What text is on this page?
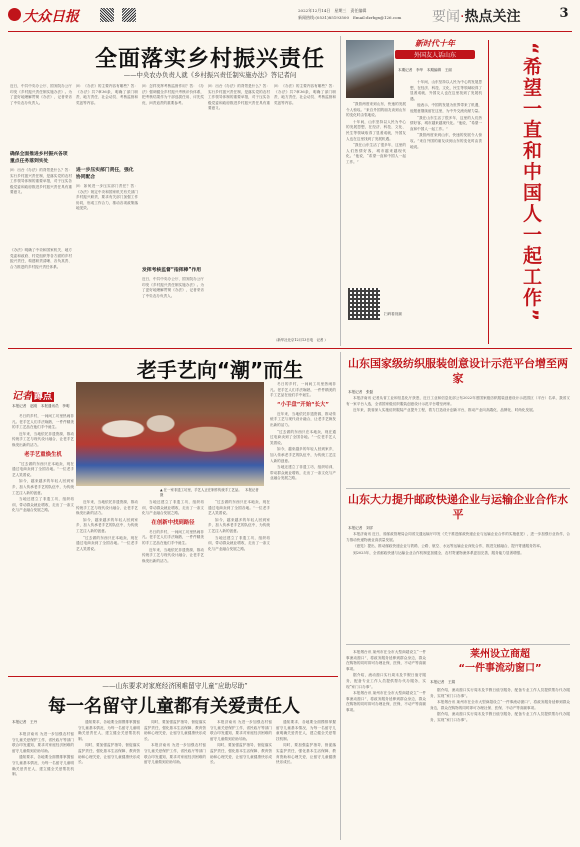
大众日报	2022年12月14日　星期三　责任编辑
新闻热线:(0531)85193500　Email:dzrbgx@126.com 要闻·热点关注	3
全面落实乡村振兴责任
——中央农办负责人就《乡村振兴责任制实施办法》答记者问
近日，中共中央办公厅、国务院办公厅印发《乡村振兴责任制实施办法》。为了更好地理解贯彻《办法》，记者采访了中央农办负责人。
确保全面推进乡村振兴各项重点任务落到实处
问：出台《办法》的背景是什么？答：实行乡村振兴责任制，是落实党的农村工作领导体制的重要举措，对于压实各级党委和政府推进乡村振兴责任具有重要意义。
《办法》明确了中央和国家机关、地方党委和政府、村党组织等各方面的乡村振兴责任，构建职责清晰、各负其责、合力推进的乡村振兴责任体系。
问：《办法》的主要内容有哪些？答：《办法》共7章36条，明确了部门职责、地方责任、社会动员、考核监督和奖惩等内容。
进一步压实部门责任，强化协同配合
问：如何进一步压实部门责任？答：《办法》规定中央和国家机关有关部门乡村振兴职责，要求有关部门加强工作协同，形成工作合力，推动各项政策落地见效。
问：怎样发挥考核监督作用？答：《办法》强调健全乡村振兴考核评价体系，把考核结果作为干部选拔任用、评先奖优、问责追责的重要参考。
发挥考核监督“指挥棒”作用
近日，中共中央办公厅、国务院办公厅印发《乡村振兴责任制实施办法》。为了更好地理解贯彻《办法》，记者采访了中央农办负责人。
问：出台《办法》的背景是什么？答：实行乡村振兴责任制，是落实党的农村工作领导体制的重要举措，对于压实各级党委和政府推进乡村振兴责任具有重要意义。
问：《办法》的主要内容有哪些？答：《办法》共7章36条，明确了部门职责、地方责任、社会动员、考核监督和奖惩等内容。
（新华社北京12月13日电　记者 ）
新时代十年
外国友人话山东
本期记者　李华　本期编辑　王丽

“我曾两度来到山东，快速的发展令人惊叹。”来自外国的朋友谈到山东的变化时由衷地说。

十年间，山东坚持以人民为中心的发展思想，在经济、科技、文化、民生等领域取得了显著成就，外国友人也在这里找到了发展机遇。

“我在山东生活了很多年，这里的人们热情好客，城市越来越现代化。”他说，“希望一直和中国人一起工作。”

十年间，山东坚持以人民为中心的发展思想，在经济、科技、文化、民生等领域取得了显著成就，外国友人也在这里找到了发展机遇。

他表示，中国的发展为世界带来了机遇，他愿意继续留在这里，为中外交流贡献力量。

“我在山东生活了很多年，这里的人们热情好客，城市越来越现代化。”他说，“希望一直和中国人一起工作。”

“我曾两度来到山东，快速的发展令人惊叹。”来自外国的朋友谈到山东的变化时由衷地说。

扫码看视频	“希望一直和中国人一起工作”
老手艺向“潮”而生
记者 蹲点
本报记者　赵刚　本报通讯员　李明
▲ 在一家非遗工坊里，手艺人正在制作传统手工艺品。　本报记者　摄

冬日的乡村，一间间工坊里热闹非凡。老手艺人们手法娴熟，一件件精美的手工艺品在他们手中诞生。

近年来，当地依托非遗资源，推动传统手工艺与现代设计融合，让老手艺焕发出新的活力。

老手艺重焕生机

“过去做的东西只在本地卖，现在通过电商卖到了全国各地。”一位老手艺人笑着说。

如今，越来越多的年轻人回到家乡，加入传承老手艺的队伍中，为传统工艺注入新的创意。

当地还建立了非遗工坊，组织培训，带动群众就业增收，走出了一条文化与产业融合发展之路。

近年来，当地依托非遗资源，推动传统手工艺与现代设计融合，让老手艺焕发出新的活力。

如今，越来越多的年轻人回到家乡，加入传承老手艺的队伍中，为传统工艺注入新的创意。

“过去做的东西只在本地卖，现在通过电商卖到了全国各地。”一位老手艺人笑着说。

当地还建立了非遗工坊，组织培训，带动群众就业增收，走出了一条文化与产业融合发展之路。

在创新中找到路径

冬日的乡村，一间间工坊里热闹非凡。老手艺人们手法娴熟，一件件精美的手工艺品在他们手中诞生。

近年来，当地依托非遗资源，推动传统手工艺与现代设计融合，让老手艺焕发出新的活力。

“过去做的东西只在本地卖，现在通过电商卖到了全国各地。”一位老手艺人笑着说。

如今，越来越多的年轻人回到家乡，加入传承老手艺的队伍中，为传统工艺注入新的创意。

当地还建立了非遗工坊，组织培训，带动群众就业增收，走出了一条文化与产业融合发展之路。

冬日的乡村，一间间工坊里热闹非凡。老手艺人们手法娴熟，一件件精美的手工艺品在他们手中诞生。

“小手盘”开始“长大”

近年来，当地依托非遗资源，推动传统手工艺与现代设计融合，让老手艺焕发出新的活力。

“过去做的东西只在本地卖，现在通过电商卖到了全国各地。”一位老手艺人笑着说。

如今，越来越多的年轻人回到家乡，加入传承老手艺的队伍中，为传统工艺注入新的创意。

当地还建立了非遗工坊，组织培训，带动群众就业增收，走出了一条文化与产业融合发展之路。

山东国家级纺织服装创意设计示范平台增至两家
本报记者　张磊

本报济南讯 记者从省工业和信息化厅获悉，近日工业和信息化部公布2022年度国家级纺织服装创意设计示范园区（平台）名单，我省又有一家平台入选，全省国家级纺织服装创意设计示范平台增至两家。

近年来，我省深入实施纺织服装产业提升工程，着力打造设计创新平台，推动产业向高端化、品牌化、时尚化发展。

山东大力提升邮政快递企业与运输企业合作水平
本报记者　刘洋

本报济南讯 近日，省邮政管理局会同省交通运输厅印发《关于推进邮政快递企业与运输企业合作的实施意见》，进一步加强行业协作，合力推动快递物流业高质量发展。

《意见》提出，推动邮政快递企业与铁路、公路、航空、水运等运输企业深化合作，推进交邮融合，提升寄递服务效率。

到2025年，全省邮政快递与运输企业合作机制更加健全，农村寄递物流体系更加完善，服务能力显著增强。

莱州设立商超
“一件事流动窗口”
本报记者　王娟

本报烟台讯 莱州市在全市大型商超设立“一件事流动窗口”，将政务服务延伸到群众身边，群众在购物的同时即可办理社保、医保、不动产等高频事项。

据介绍，流动窗口实行周末及节假日值守服务，配备专业工作人员提供帮办代办服务，实现“家门口办事”。

本报烟台讯 莱州市在全市大型商超设立“一件事流动窗口”，将政务服务延伸到群众身边，群众在购物的同时即可办理社保、医保、不动产等高频事项。

据介绍，流动窗口实行周末及节假日值守服务，配备专业工作人员提供帮办代办服务，实现“家门口办事”。

本报烟台讯 莱州市在全市大型商超设立“一件事流动窗口”，将政务服务延伸到群众身边，群众在购物的同时即可办理社保、医保、不动产等高频事项。

据介绍，流动窗口实行周末及节假日值守服务，配备专业工作人员提供帮办代办服务，实现“家门口办事”。

——山东要求对家庭经济困难留守儿童“应助尽助”
每一名留守儿童都有关爱责任人
本报记者　王丹

本报济南讯 为进一步加强农村留守儿童关爱保护工作，省民政厅等部门联合印发通知，要求对家庭经济困难的留守儿童做到应助尽助。

通知要求，各地要全面摸排掌握留守儿童基本情况，为每一名留守儿童明确关爱责任人，建立健全关爱帮扶机制。

通知要求，各地要全面摸排掌握留守儿童基本情况，为每一名留守儿童明确关爱责任人，建立健全关爱帮扶机制。

同时，要加强监护指导，督促落实监护责任，强化基本生活保障、教育资助和心理关爱，让留守儿童健康快乐成长。

同时，要加强监护指导，督促落实监护责任，强化基本生活保障、教育资助和心理关爱，让留守儿童健康快乐成长。

本报济南讯 为进一步加强农村留守儿童关爱保护工作，省民政厅等部门联合印发通知，要求对家庭经济困难的留守儿童做到应助尽助。

本报济南讯 为进一步加强农村留守儿童关爱保护工作，省民政厅等部门联合印发通知，要求对家庭经济困难的留守儿童做到应助尽助。

同时，要加强监护指导，督促落实监护责任，强化基本生活保障、教育资助和心理关爱，让留守儿童健康快乐成长。

通知要求，各地要全面摸排掌握留守儿童基本情况，为每一名留守儿童明确关爱责任人，建立健全关爱帮扶机制。

同时，要加强监护指导，督促落实监护责任，强化基本生活保障、教育资助和心理关爱，让留守儿童健康快乐成长。
